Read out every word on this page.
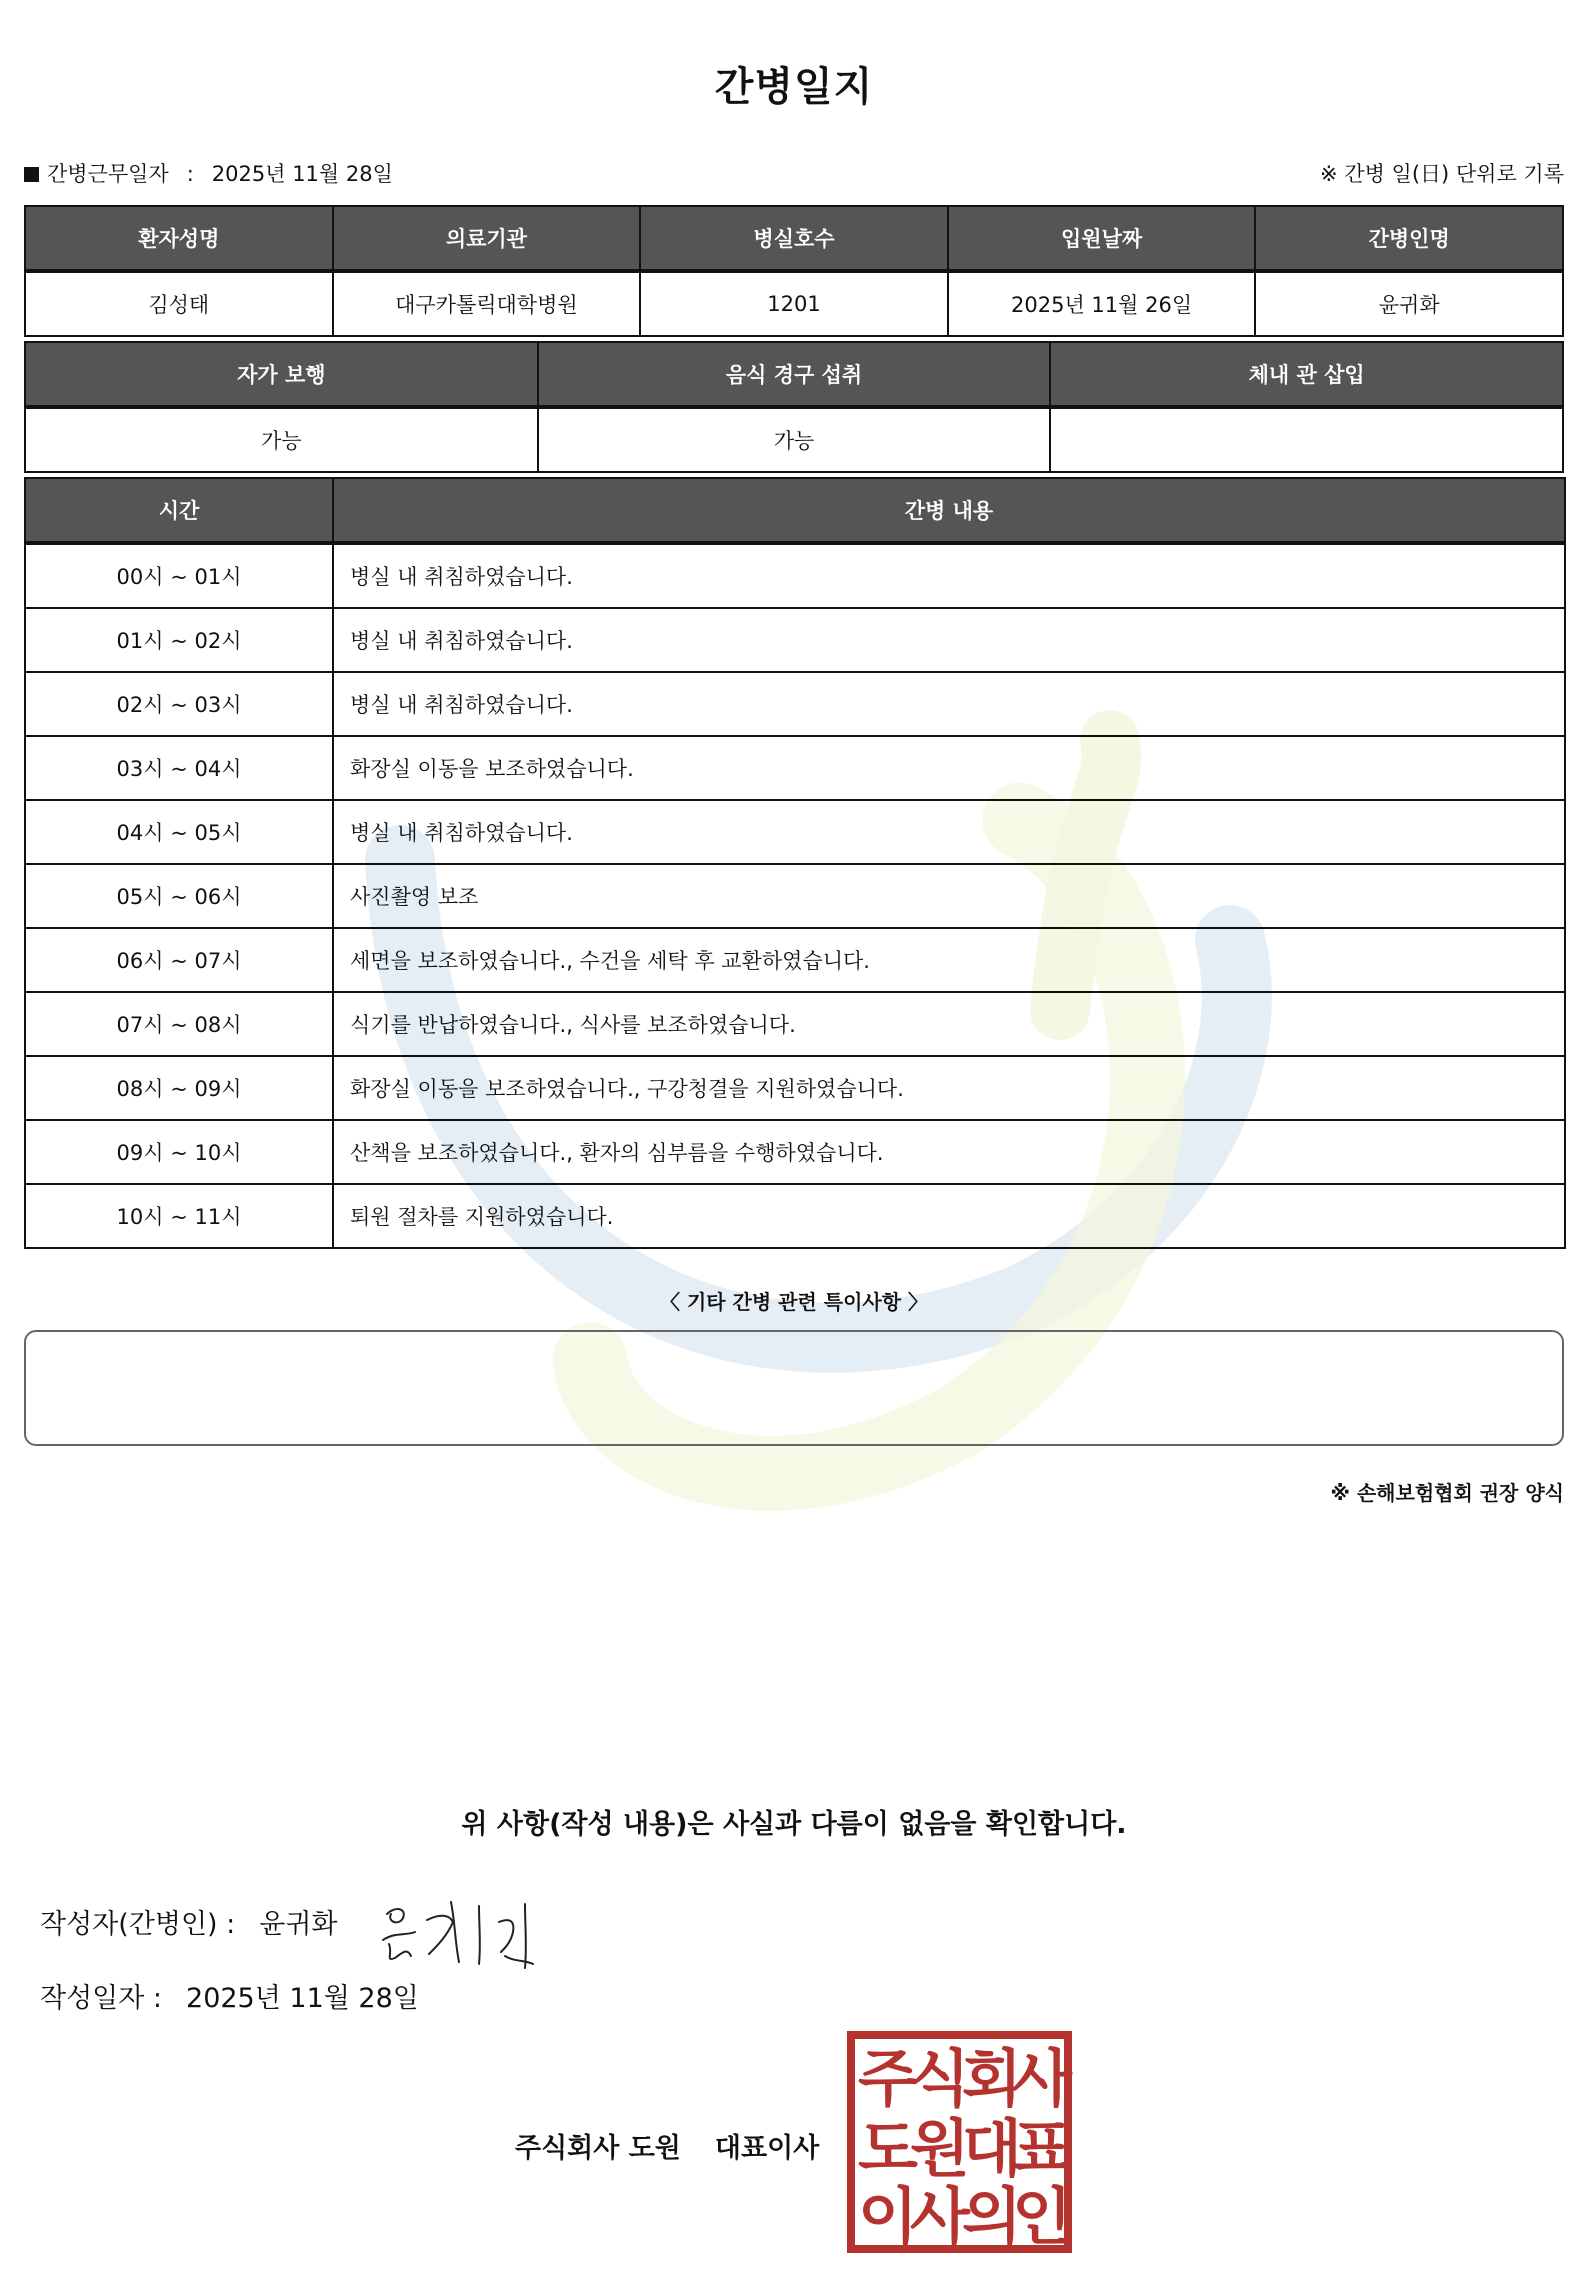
간병일지
간병근무일자 : 2025년 11월 28일	※ 간병 일(日) 단위로 기록
환자성명	의료기관	병실호수	입원날짜	간병인명
김성태	대구카톨릭대학병원	1201	2025년 11월 26일	윤귀화
자가 보행	음식 경구 섭취	체내 관 삽입
가능	가능	
시간	간병 내용
00시 ~ 01시	병실 내 취침하였습니다.
01시 ~ 02시	병실 내 취침하였습니다.
02시 ~ 03시	병실 내 취침하였습니다.
03시 ~ 04시	화장실 이동을 보조하였습니다.
04시 ~ 05시	병실 내 취침하였습니다.
05시 ~ 06시	사진촬영 보조
06시 ~ 07시	세면을 보조하였습니다., 수건을 세탁 후 교환하였습니다.
07시 ~ 08시	식기를 반납하였습니다., 식사를 보조하였습니다.
08시 ~ 09시	화장실 이동을 보조하였습니다., 구강청결을 지원하였습니다.
09시 ~ 10시	산책을 보조하였습니다., 환자의 심부름을 수행하였습니다.
10시 ~ 11시	퇴원 절차를 지원하였습니다.
〈 기타 간병 관련 특이사항 〉
※ 손해보험협회 권장 양식
위 사항(작성 내용)은 사실과 다름이 없음을 확인합니다.
작성자(간병인) : 윤귀화
작성일자 : 2025년 11월 28일
주식회사 도원 대표이사
주
식
회
사
도
원
대
표
이
사
의
인
